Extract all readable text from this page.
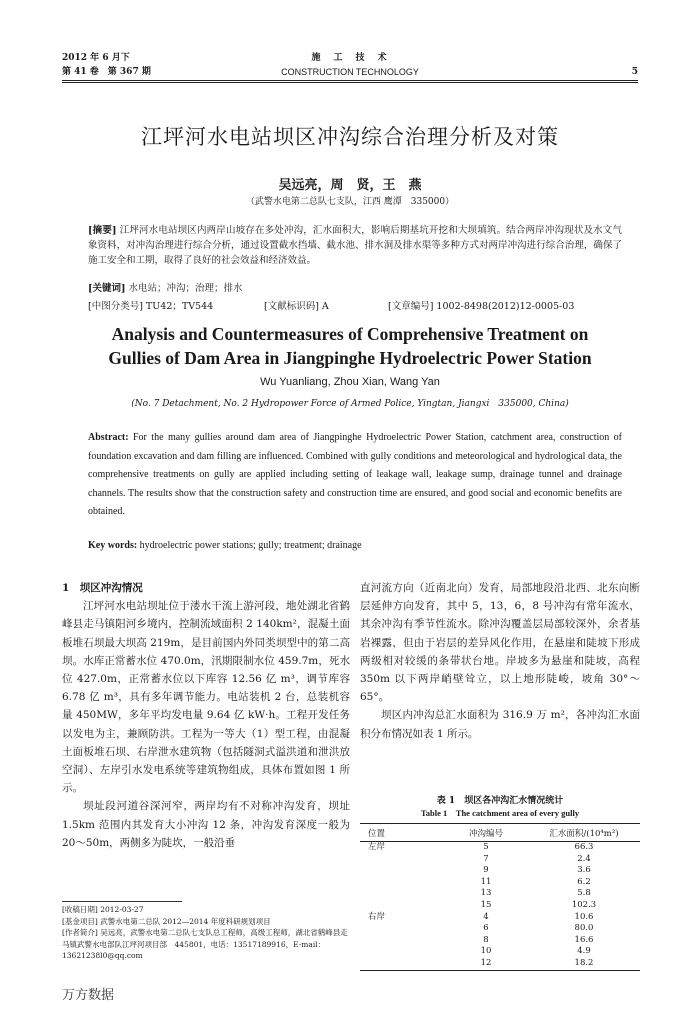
2012 年 6 月下
第 41 卷　第 367 期
施　工　技　术
CONSTRUCTION TECHNOLOGY	5
江坪河水电站坝区冲沟综合治理分析及对策
吴远亮，周　贤，王　燕
（武警水电第二总队七支队，江西 鹰潭　335000）
[摘要] 江坪河水电站坝区内两岸山坡存在多处冲沟，汇水面积大，影响后期基坑开挖和大坝填筑。结合两岸冲沟现状及水文气象资料，对冲沟治理进行综合分析，通过设置截水挡墙、截水池、排水洞及排水渠等多种方式对两岸冲沟进行综合治理，确保了施工安全和工期，取得了良好的社会效益和经济效益。
[关键词] 水电站；冲沟；治理；排水
[中图分类号] TU42；TV544	[文献标识码] A	[文章编号] 1002-8498(2012)12-0005-03
Analysis and Countermeasures of Comprehensive Treatment on
Gullies of Dam Area in Jiangpinghe Hydroelectric Power Station
Wu Yuanliang, Zhou Xian, Wang Yan
(No. 7 Detachment, No. 2 Hydropower Force of Armed Police, Yingtan, Jiangxi　335000, China)
Abstract: For the many gullies around dam area of Jiangpinghe Hydroelectric Power Station, catchment area, construction of foundation excavation and dam filling are influenced. Combined with gully conditions and meteorological and hydrological data, the comprehensive treatments on gully are applied including setting of leakage wall, leakage sump, drainage tunnel and drainage channels. The results show that the construction safety and construction time are ensured, and good social and economic benefits are obtained.
Key words: hydroelectric power stations; gully; treatment; drainage
1　坝区冲沟情况

江坪河水电站坝址位于溇水干流上游河段，地处湖北省鹤峰县走马镇阳河乡境内，控制流域面积 2 140km²，混凝土面板堆石坝最大坝高 219m，是目前国内外同类坝型中的第二高坝。水库正常蓄水位 470.0m，汛期限制水位 459.7m，死水位 427.0m，正常蓄水位以下库容 12.56 亿 m³，调节库容 6.78 亿 m³，具有多年调节能力。电站装机 2 台，总装机容量 450MW，多年平均发电量 9.64 亿 kW·h。工程开发任务以发电为主，兼顾防洪。工程为一等大（1）型工程，由混凝土面板堆石坝、右岸泄水建筑物（包括隧洞式溢洪道和泄洪放空洞）、左岸引水发电系统等建筑物组成，具体布置如图 1 所示。

坝址段河道谷深河窄，两岸均有不对称冲沟发育，坝址 1.5km 范围内其发育大小冲沟 12 条，冲沟发育深度一般为 20～50m，两侧多为陡坎，一般沿垂

[收稿日期] 2012-03-27
[基金项目] 武警水电第二总队 2012—2014 年度科研规划项目
[作者简介] 吴远亮，武警水电第二总队七支队总工程师，高级工程师，湖北省鹤峰县走马镇武警水电部队江坪河项目部　445801，电话：13517189916，E-mail：13621238l0@qq.com

直河流方向（近南北向）发育，局部地段沿北西、北东向断层延伸方向发育，其中 5，13，6，8 号冲沟有常年流水，其余冲沟有季节性流水。除冲沟覆盖层局部较深外，余者基岩裸露，但由于岩层的差异风化作用，在悬崖和陡坡下形成两级相对较缓的条带状台地。岸坡多为悬崖和陡坡，高程 350m 以下两岸峭壁耸立，以上地形陡峻，坡角 30°～65°。

坝区内冲沟总汇水面积为 316.9 万 m²，各冲沟汇水面积分布情况如表 1 所示。

表 1　坝区各冲沟汇水情况统计
Table 1　The catchment area of every gully
位置	冲沟编号	汇水面积/(10⁴m²)
左岸	5	66.3
	7	2.4
	9	3.6
	11	6.2
	13	5.8
	15	102.3
右岸	4	10.6
	6	80.0
	8	16.6
	10	4.9
	12	18.2
万方数据
